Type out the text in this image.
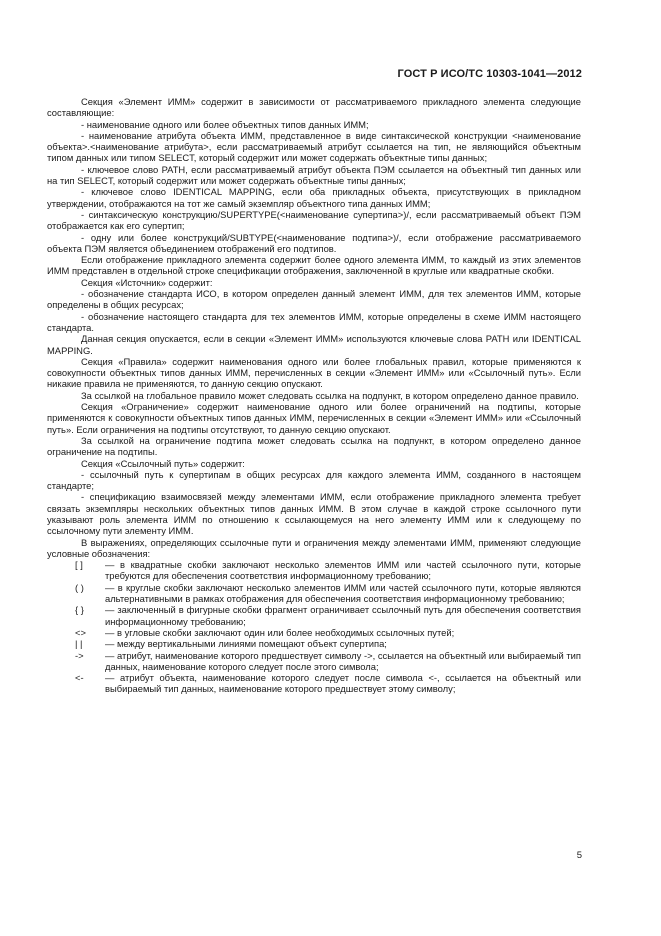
ГОСТ Р ИСО/ТС 10303-1041—2012

Секция «Элемент ИММ» содержит в зависимости от рассматриваемого прикладного элемента следующие составляющие:

- наименование одного или более объектных типов данных ИММ;

- наименование атрибута объекта ИММ, представленное в виде синтаксической конструкции <наименование объекта>.<наименование атрибута>, если рассматриваемый атрибут ссылается на тип, не являющийся объектным типом данных или типом SELECT, который содержит или может содержать объектные типы данных;

- ключевое слово PATH, если рассматриваемый атрибут объекта ПЭМ ссылается на объектный тип данных или на тип SELECT, который содержит или может содержать объектные типы данных;

- ключевое слово IDENTICAL MAPPING, если оба прикладных объекта, присутствующих в прикладном утверждении, отображаются на тот же самый экземпляр объектного типа данных ИММ;

- синтаксическую конструкцию/SUPERTYPE(<наименование супертипа>)/, если рассматриваемый объект ПЭМ отображается как его супертип;

- одну или более конструкций/SUBTYPE(<наименование подтипа>)/, если отображение рассматриваемого объекта ПЭМ является объединением отображений его подтипов.

Если отображение прикладного элемента содержит более одного элемента ИММ, то каждый из этих элементов ИММ представлен в отдельной строке спецификации отображения, заключенной в круглые или квадратные скобки.

Секция «Источник» содержит:

- обозначение стандарта ИСО, в котором определен данный элемент ИММ, для тех элементов ИММ, которые определены в общих ресурсах;

- обозначение настоящего стандарта для тех элементов ИММ, которые определены в схеме ИММ настоящего стандарта.

Данная секция опускается, если в секции «Элемент ИММ» используются ключевые слова PATH или IDENTICAL MAPPING.

Секция «Правила» содержит наименования одного или более глобальных правил, которые применяются к совокупности объектных типов данных ИММ, перечисленных в секции «Элемент ИММ» или «Ссылочный путь». Если никакие правила не применяются, то данную секцию опускают.

За ссылкой на глобальное правило может следовать ссылка на подпункт, в котором определено данное правило.

Секция «Ограничение» содержит наименование одного или более ограничений на подтипы, которые применяются к совокупности объектных типов данных ИММ, перечисленных в секции «Элемент ИММ» или «Ссылочный путь». Если ограничения на подтипы отсутствуют, то данную секцию опускают.

За ссылкой на ограничение подтипа может следовать ссылка на подпункт, в котором определено данное ограничение на подтипы.

Секция «Ссылочный путь» содержит:

- ссылочный путь к супертипам в общих ресурсах для каждого элемента ИММ, созданного в настоящем стандарте;

- спецификацию взаимосвязей между элементами ИММ, если отображение прикладного элемента требует связать экземпляры нескольких объектных типов данных ИММ. В этом случае в каждой строке ссылочного пути указывают роль элемента ИММ по отношению к ссылающемуся на него элементу ИММ или к следующему по ссылочному пути элементу ИММ.

В выражениях, определяющих ссылочные пути и ограничения между элементами ИММ, применяют следующие условные обозначения:

[ ] — в квадратные скобки заключают несколько элементов ИММ или частей ссылочного пути, которые требуются для обеспечения соответствия информационному требованию;
( ) — в круглые скобки заключают несколько элементов ИММ или частей ссылочного пути, которые являются альтернативными в рамках отображения для обеспечения соответствия информационному требованию;
{ } — заключенный в фигурные скобки фрагмент ограничивает ссылочный путь для обеспечения соответствия информационному требованию;
<> — в угловые скобки заключают один или более необходимых ссылочных путей;
| | — между вертикальными линиями помещают объект супертипа;
-> — атрибут, наименование которого предшествует символу ->, ссылается на объектный или выбираемый тип данных, наименование которого следует после этого символа;
<- — атрибут объекта, наименование которого следует после символа <-, ссылается на объектный или выбираемый тип данных, наименование которого предшествует этому символу;
5
